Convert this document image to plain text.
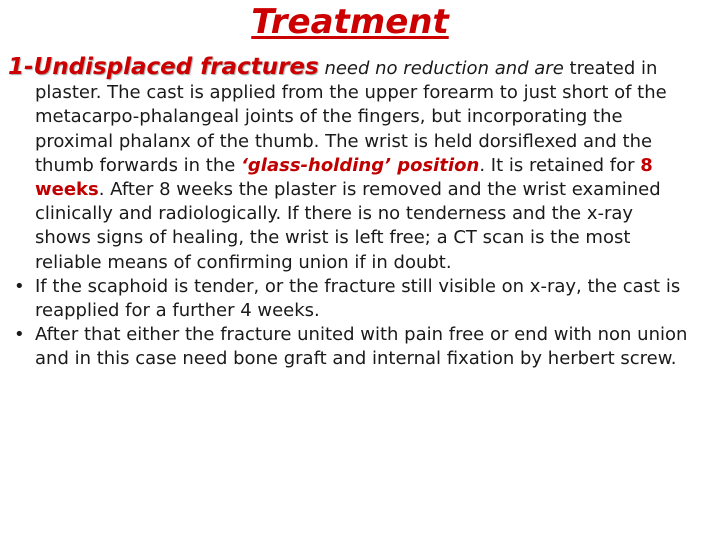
Treatment
1-Undisplaced fractures need no reduction and are treated in
plaster. The cast is applied from the upper forearm to just short of the metacarpo-phalangeal joints of the fingers, but incorporating the proximal phalanx of the thumb. The wrist is held dorsiflexed and the thumb forwards in the ‘glass-holding’ position. It is retained for 8 weeks. After 8 weeks the plaster is removed and the wrist examined clinically and radiologically. If there is no tenderness and the x-ray shows signs of healing, the wrist is left free; a CT scan is the most reliable means of confirming union if in doubt.
• If the scaphoid is tender, or the fracture still visible on x-ray, the cast is reapplied for a further 4 weeks.
• After that either the fracture united with pain free or end with non union and in this case need bone graft and internal fixation by herbert screw.
